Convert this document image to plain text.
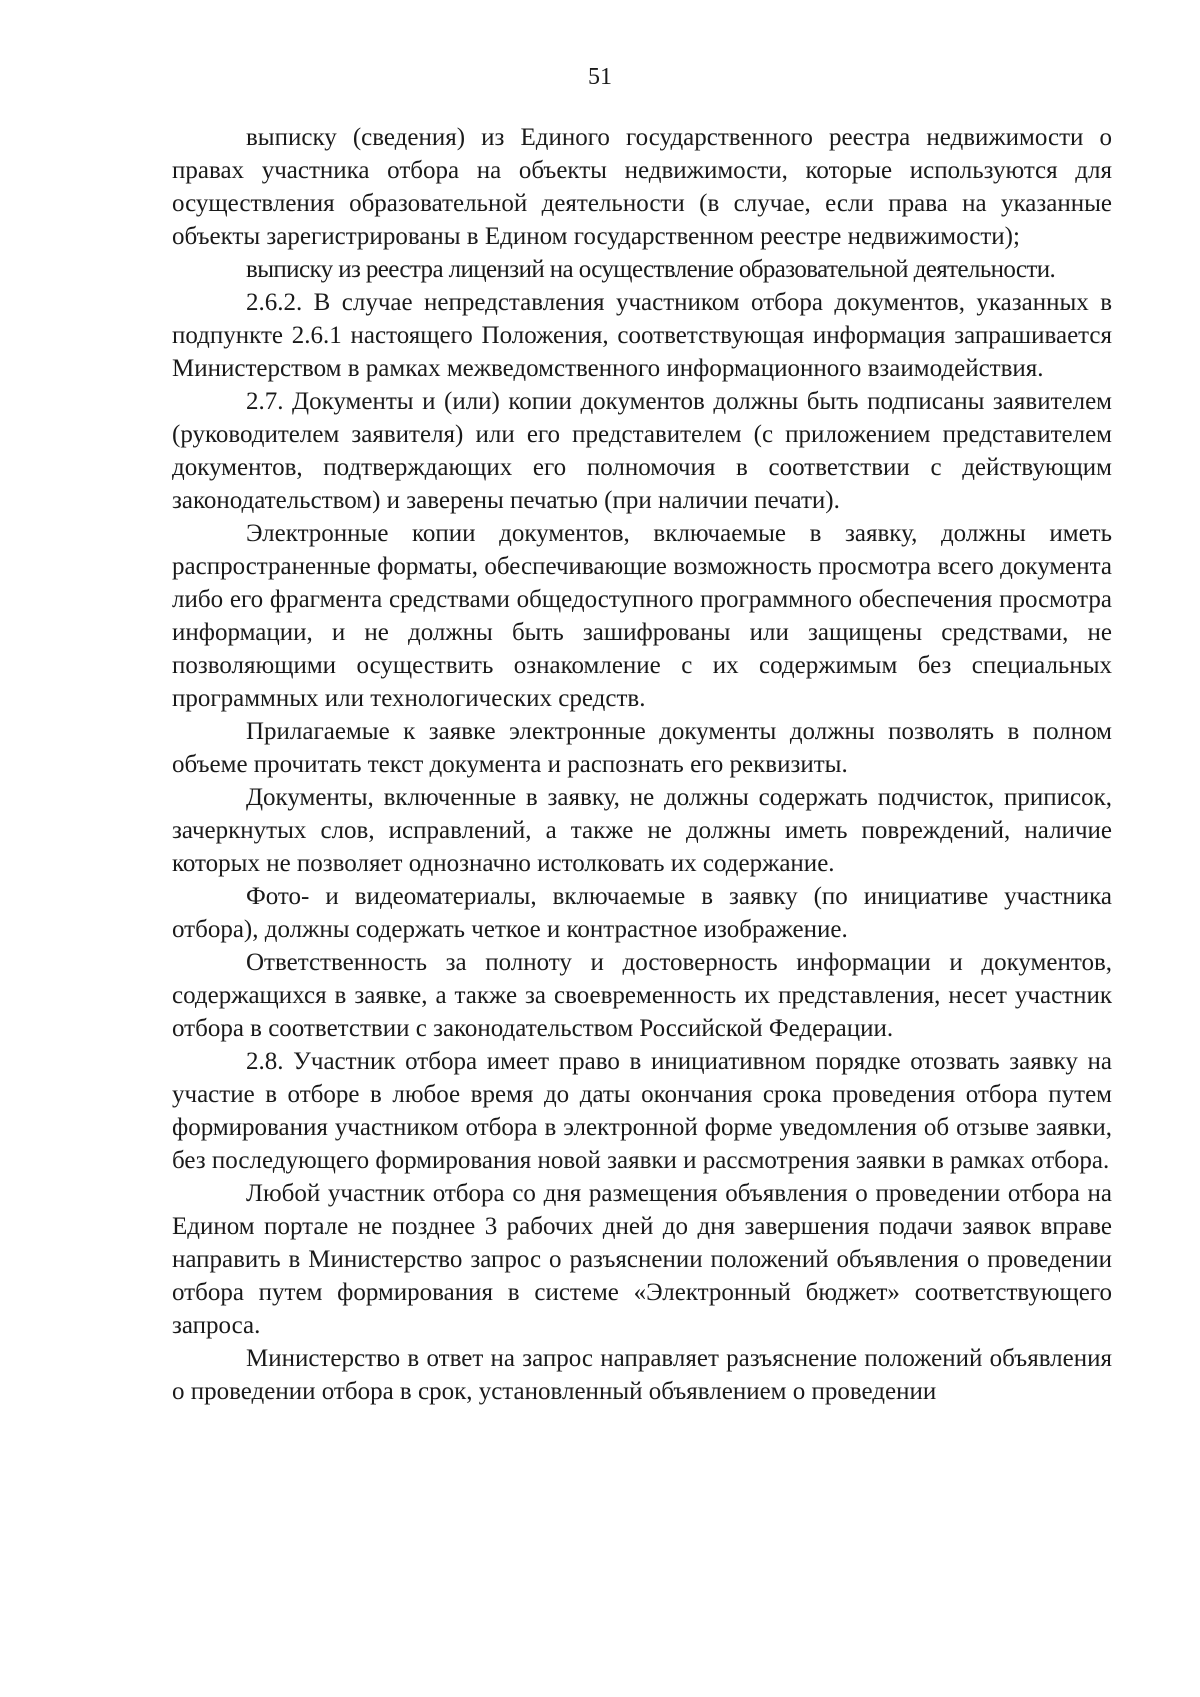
51

выписку (сведения) из Единого государственного реестра недвижимости о правах участника отбора на объекты недвижимости, которые используются для осуществления образовательной деятельности (в случае, если права на указанные объекты зарегистрированы в Едином государственном реестре недвижимости);

выписку из реестра лицензий на осуществление образовательной деятельности.

2.6.2. В случае непредставления участником отбора документов, указанных в подпункте 2.6.1 настоящего Положения, соответствующая информация запрашивается Министерством в рамках межведомственного информационного взаимодействия.

2.7. Документы и (или) копии документов должны быть подписаны заявителем (руководителем заявителя) или его представителем (с приложением представителем документов, подтверждающих его полномочия в соответствии с действующим законодательством) и заверены печатью (при наличии печати).

Электронные копии документов, включаемые в заявку, должны иметь распространенные форматы, обеспечивающие возможность просмотра всего документа либо его фрагмента средствами общедоступного программного обеспечения просмотра информации, и не должны быть зашифрованы или защищены средствами, не позволяющими осуществить ознакомление с их содержимым без специальных программных или технологических средств.

Прилагаемые к заявке электронные документы должны позволять в полном объеме прочитать текст документа и распознать его реквизиты.

Документы, включенные в заявку, не должны содержать подчисток, приписок, зачеркнутых слов, исправлений, а также не должны иметь повреждений, наличие которых не позволяет однозначно истолковать их содержание.

Фото- и видеоматериалы, включаемые в заявку (по инициативе участника отбора), должны содержать четкое и контрастное изображение.

Ответственность за полноту и достоверность информации и документов, содержащихся в заявке, а также за своевременность их представления, несет участник отбора в соответствии с законодательством Российской Федерации.

2.8. Участник отбора имеет право в инициативном порядке отозвать заявку на участие в отборе в любое время до даты окончания срока проведения отбора путем формирования участником отбора в электронной форме уведомления об отзыве заявки, без последующего формирования новой заявки и рассмотрения заявки в рамках отбора.

Любой участник отбора со дня размещения объявления о проведении отбора на Едином портале не позднее 3 рабочих дней до дня завершения подачи заявок вправе направить в Министерство запрос о разъяснении положений объявления о проведении отбора путем формирования в системе «Электронный бюджет» соответствующего запроса.

Министерство в ответ на запрос направляет разъяснение положений объявления о проведении отбора в срок, установленный объявлением о проведении
